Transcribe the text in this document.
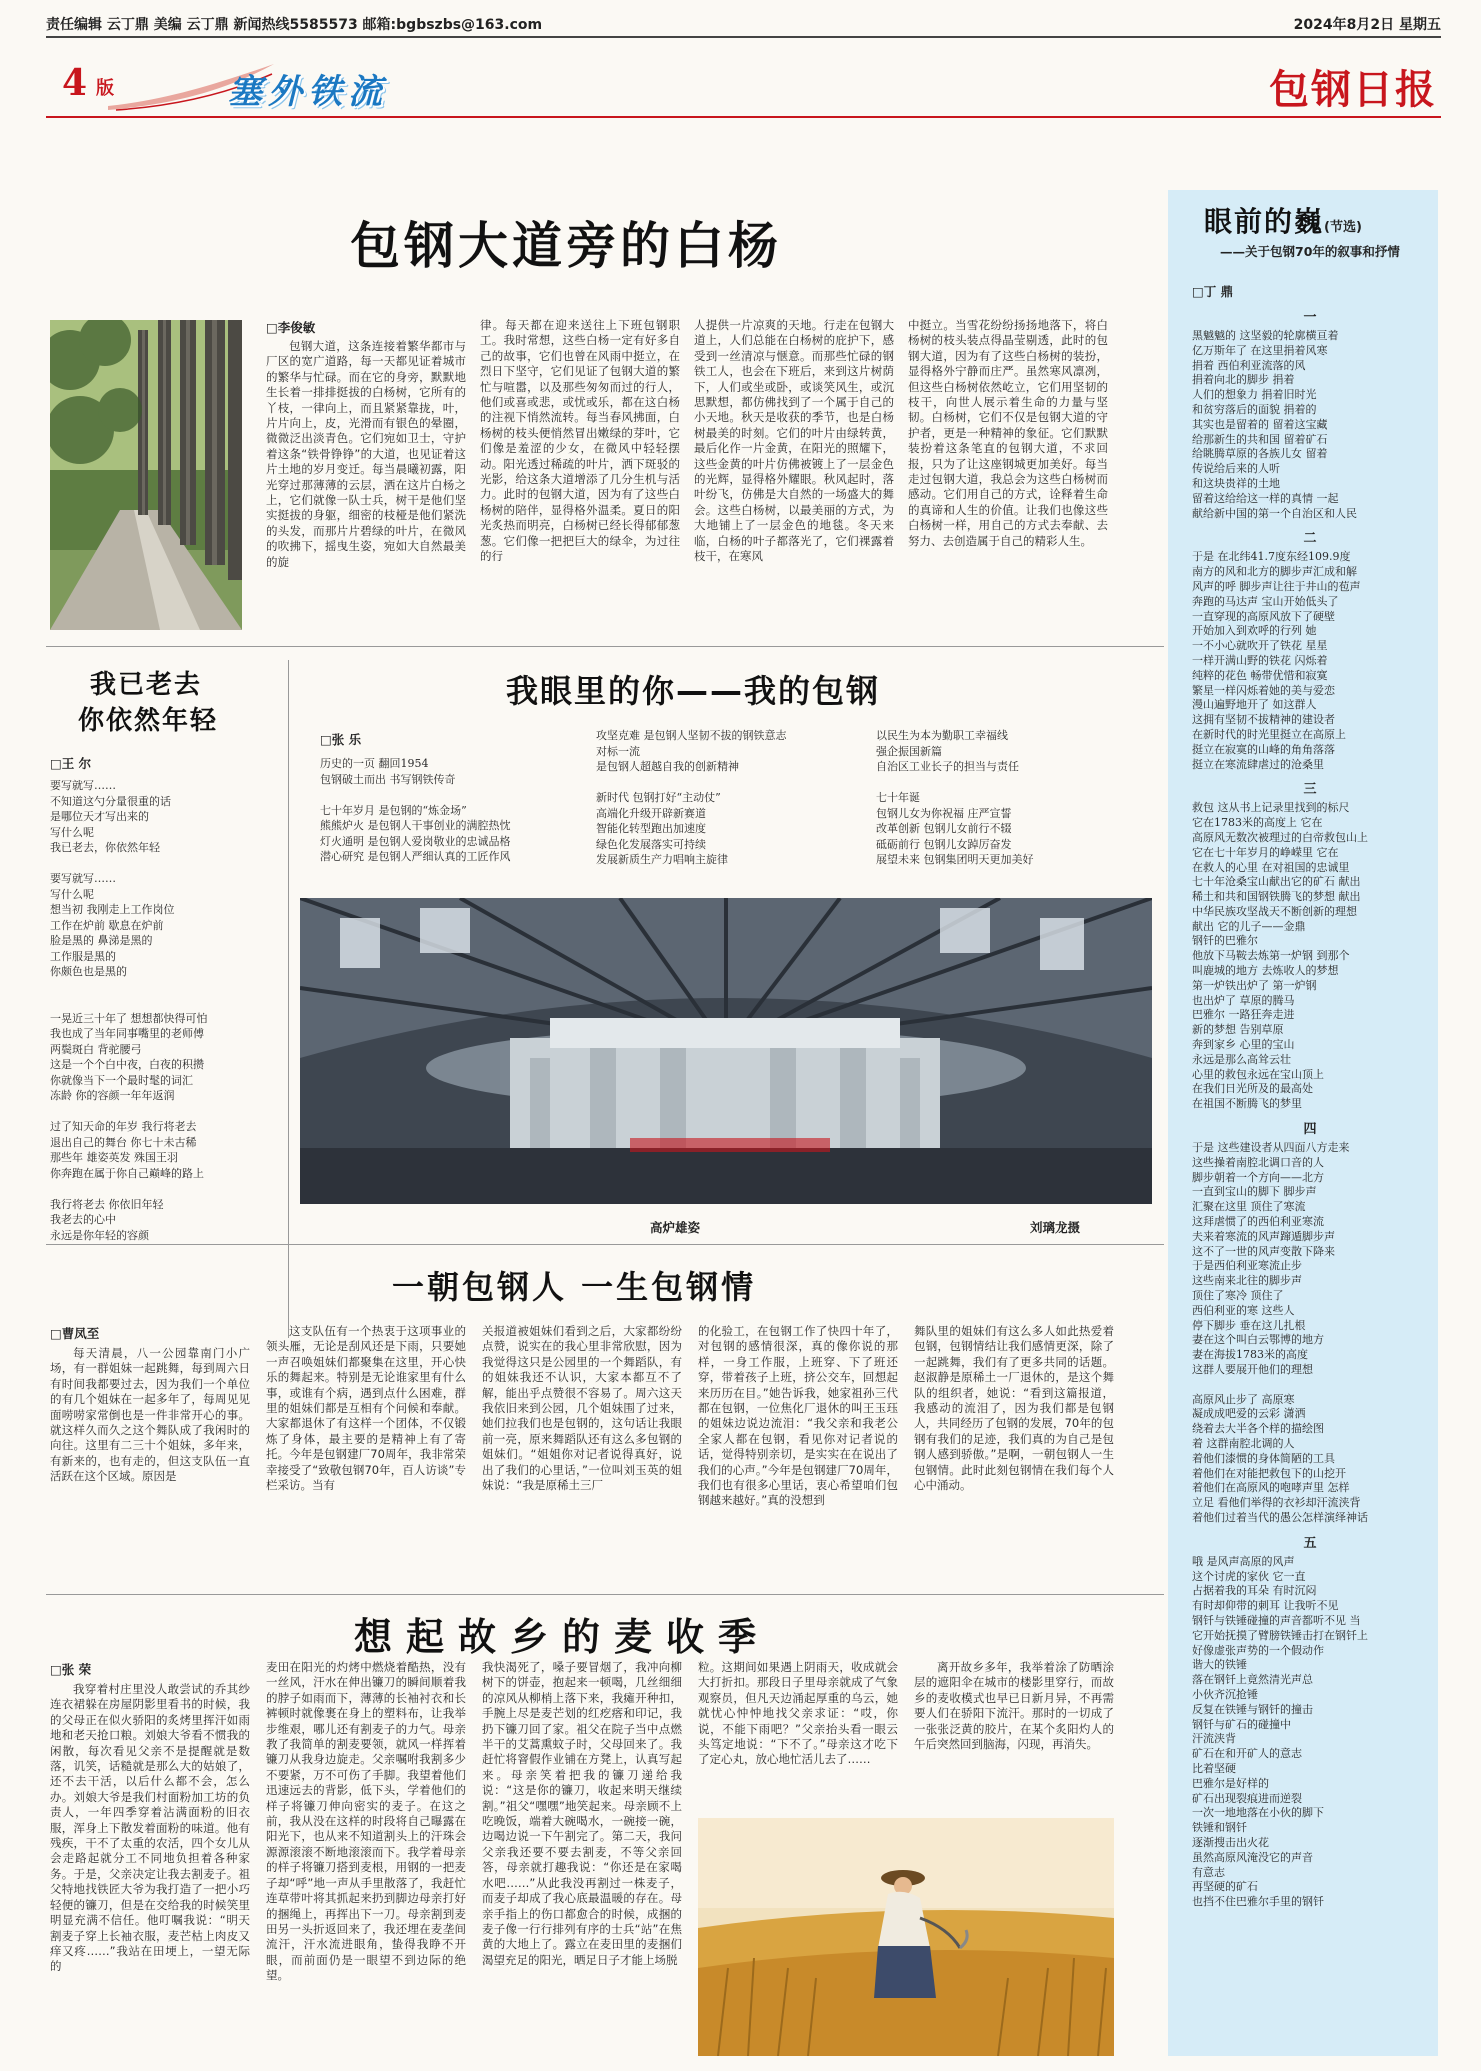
责任编辑 云丁鼎 美编 云丁鼎 新闻热线5585573 邮箱:bgbszbs@163.com	2024年8月2日 星期五
4 版	塞外铁流	包钢日报
包钢大道旁的白杨
□李俊敏
包钢大道，这条连接着繁华都市与厂区的宽广道路，每一天都见证着城市的繁华与忙碌。而在它的身旁，默默地生长着一排排挺拔的白杨树，它所有的丫枝，一律向上，而且紧紧靠拢，叶，片片向上，皮，光滑而有银色的晕圈，微微泛出淡青色。它们宛如卫士，守护着这条“铁骨铮铮”的大道，也见证着这片土地的岁月变迁。每当晨曦初露，阳光穿过那薄薄的云层，洒在这片白杨之上，它们就像一队士兵，树干是他们坚实挺拔的身躯，细密的枝桠是他们紧洗的头发，而那片片碧绿的叶片，在微风的吹拂下，摇曳生姿，宛如大自然最美的旋
律。每天都在迎来送往上下班包钢职工。我时常想，这些白杨一定有好多自己的故事，它们也曾在风雨中挺立，在烈日下坚守，它们见证了包钢大道的繁忙与喧嚣，以及那些匆匆而过的行人，他们或喜或悲，或忧或乐，都在这白杨的注视下悄然流转。每当春风拂面，白杨树的枝头便悄然冒出嫩绿的芽叶，它们像是羞涩的少女，在微风中轻轻摆动。阳光透过稀疏的叶片，洒下斑驳的光影，给这条大道增添了几分生机与活力。此时的包钢大道，因为有了这些白杨树的陪伴，显得格外温柔。夏日的阳光炙热而明亮，白杨树已经长得郁郁葱葱。它们像一把把巨大的绿伞，为过往的行
人提供一片凉爽的天地。行走在包钢大道上，人们总能在白杨树的庇护下，感受到一丝清凉与惬意。而那些忙碌的钢铁工人，也会在下班后，来到这片树荫下，人们或坐或卧，或谈笑风生，或沉思默想，都仿佛找到了一个属于自己的小天地。秋天是收获的季节，也是白杨树最美的时刻。它们的叶片由绿转黄，最后化作一片金黄，在阳光的照耀下，这些金黄的叶片仿佛被镀上了一层金色的光辉，显得格外耀眼。秋风起时，落叶纷飞，仿佛是大自然的一场盛大的舞会。这些白杨树，以最美丽的方式，为大地铺上了一层金色的地毯。冬天来临，白杨的叶子都落光了，它们裸露着枝干，在寒风
中挺立。当雪花纷纷扬扬地落下，将白杨树的枝头装点得晶莹剔透，此时的包钢大道，因为有了这些白杨树的装扮，显得格外宁静而庄严。虽然寒风凛冽，但这些白杨树依然屹立，它们用坚韧的枝干，向世人展示着生命的力量与坚韧。白杨树，它们不仅是包钢大道的守护者，更是一种精神的象征。它们默默装扮着这条笔直的包钢大道，不求回报，只为了让这座钢城更加美好。每当走过包钢大道，我总会为这些白杨树而感动。它们用自己的方式，诠释着生命的真谛和人生的价值。让我们也像这些白杨树一样，用自己的方式去奉献、去努力、去创造属于自己的精彩人生。
我已老去
你依然年轻
□王 尔
要写就写……
不知道这勺分量很重的话
是哪位天才写出来的
写什么呢
我已老去，你依然年轻

要写就写……
写什么呢
想当初 我刚走上工作岗位
工作在炉前 歇息在炉前
脸是黑的 鼻涕是黑的
工作服是黑的
你颇色也是黑的

一晃近三十年了 想想都快得可怕
我也成了当年同事嘴里的老师傅
两鬓斑白 背驼腰弓
这是一个个白中夜，白夜的积攒
你就像当下一个最时髦的词汇
冻龄 你的容颜一年年返润

过了知天命的年岁 我行将老去
退出自己的舞台 你七十未古稀
那些年 雄姿英发 殊国王羽
你奔跑在属于你自己巅峰的路上

我行将老去 你依旧年轻
我老去的心中
永远是你年轻的容颜
我眼里的你——我的包钢
□张 乐
历史的一页 翻回1954
包钢破土而出 书写钢铁传奇

七十年岁月 是包钢的“炼金场”
熊熊炉火 是包钢人干事创业的满腔热忱
灯火通明 是包钢人爱岗敬业的忠诚品格
潜心研究 是包钢人严细认真的工匠作风
攻坚克难 是包钢人坚韧不拔的钢铁意志
对标一流
是包钢人超越自我的创新精神

新时代 包钢打好“主动仗”
高端化升级开辟新赛道
智能化转型跑出加速度
绿色化发展落实可持续
发展新质生产力唱响主旋律
以民生为本为勤职工幸福线
强企振国新篇
自治区工业长子的担当与责任

七十年诞
包钢儿女为你祝福 庄严宣誓
改革创新 包钢儿女前行不辍
砥砺前行 包钢儿女踔厉奋发
展望未来 包钢集团明天更加美好
高炉雄姿	刘璃龙摄
一朝包钢人 一生包钢情
□曹凤至
每天清晨，八一公园靠南门小广场，有一群姐妹一起跳舞，每到周六日有时间我都要过去，因为我们一个单位的有几个姐妹在一起多年了，每周见见面唠唠家常倒也是一件非常开心的事。就这样久而久之这个舞队成了我闲时的向往。这里有二三十个姐妹，多年来，有新来的，也有走的，但这支队伍一直活跃在这个区域。原因是
这支队伍有一个热衷于这项事业的领头雁，无论是刮风还是下雨，只要她一声召唤姐妹们都聚集在这里，开心快乐的舞起来。特别是无论谁家里有什么事，或谁有个病，遇到点什么困难，群里的姐妹们都是互相有个问候和奉献。大家都退休了有这样一个团体，不仅锻炼了身体，最主要的是精神上有了寄托。今年是包钢建厂70周年，我非常荣幸接受了“致敬包钢70年，百人访谈”专栏采访。当有
关报道被姐妹们看到之后，大家都纷纷点赞，说实在的我心里非常欣慰，因为我觉得这只是公园里的一个舞蹈队，有的姐妹我还不认识，大家本都互不了解，能出乎点赞很不容易了。周六这天我依旧来到公园，几个姐妹围了过来，她们拉我们也是包钢的，这句话让我眼前一亮，原来舞蹈队还有这么多包钢的姐妹们。“姐姐你对记者说得真好，说出了我们的心里话，”一位叫刘玉英的姐妹说：“我是原稀土三厂
的化验工，在包钢工作了快四十年了，对包钢的感情很深，真的像你说的那样，一身工作服，上班穿、下了班还穿，带着孩子上班，挤公交车，回想起来历历在目。”她告诉我，她家祖孙三代都在包钢，一位焦化厂退休的叫王玉珏的姐妹边说边流泪：“我父亲和我老公全家人都在包钢，看见你对记者说的话，觉得特别亲切，是实实在在说出了我们的心声。”今年是包钢建厂70周年，我们也有很多心里话，衷心希望咱们包钢越来越好。”真的没想到
舞队里的姐妹们有这么多人如此热爱着包钢，包钢情结让我们感情更深，除了一起跳舞，我们有了更多共同的话题。赵淑静是原稀土一厂退休的，是这个舞队的组织者，她说：“看到这篇报道，我感动的流泪了，因为我们都是包钢人，共同经历了包钢的发展，70年的包钢有我们的足迹，我们真的为自己是包钢人感到骄傲。”是啊，一朝包钢人一生包钢情。此时此刻包钢情在我们每个人心中涌动。
想起故乡的麦收季
□张 荣
我穿着村庄里没人敢尝试的乔其纱连衣裙躲在房屋阴影里看书的时候，我的父母正在似火骄阳的炙烤里挥汗如雨地和老天抢口粮。刘娘大爷看不惯我的闲散，每次看见父亲不是提醒就是数落，讥笑，话糙就是那么大的姑娘了，还不去干活，以后什么都不会，怎么办。刘娘大爷是我们村面粉加工坊的负责人，一年四季穿着沾满面粉的旧衣服，浑身上下散发着面粉的味道。他有残疾，干不了太重的农活，四个女儿从会走路起就分工不同地负担着各种家务。于是，父亲决定让我去割麦子。祖父特地找铁匠大爷为我打造了一把小巧轻便的镰刀，但是在交给我的时候笑里明显充满不信任。他叮嘱我说：“明天割麦子穿上长袖衣服，麦芒枯上肉皮又痒又疼……”我站在田埂上，一望无际的
麦田在阳光的灼烤中燃烧着酷热，没有一丝风，汗水在伸出镰刀的瞬间顺着我的脖子如雨而下，薄薄的长袖衬衣和长裤顿时就像裹在身上的塑料布，让我举步维艰，哪儿还有割麦子的力气。母亲教了我简单的割麦要领，就风一样挥着镰刀从我身边旋走。父亲嘱咐我割多少不要紧，万不可伤了手脚。我望着他们迅速远去的背影，低下头，学着他们的样子将镰刀伸向密实的麦子。在这之前，我从没在这样的时段将自己曝露在阳光下，也从来不知道割头上的汗珠会源源滚滚不断地滚滚而下。我学着母亲的样子将镰刀搭到麦根，用钢的一把麦子却“呼”地一声从手里散落了，我赶忙连草带叶将其抓起来扔到脚边母亲打好的捆绳上，再挥出下一刀。母亲割到麦田另一头折返回来了，我还埋在麦垄间流汗，汗水流进眼角，蛰得我睁不开眼，而前面仍是一眼望不到边际的绝望。
我快渴死了，嗓子要冒烟了，我冲向柳树下的饼壶，抱起来一顿喝，几丝细细的凉风从柳梢上落下来，我瘫开种扣，手腕上尽是麦芒划的红疙瘩和印记，我扔下镰刀回了家。祖父在院子当中点燃半干的艾蒿熏蚊子时，父母回来了。我赶忙将窨假作业铺在方凳上，认真写起来。母亲笑着把我的镰刀递给我说：“这是你的镰刀，收起来明天继续割。”祖父“嘿嘿”地笑起来。母亲顾不上吃晚饭，端着大碗喝水，一碗接一碗，边喝边说一下午割完了。第二天，我问父亲我还要不要去割麦，不等父亲回答，母亲就打趣我说：“你还是在家喝水吧……”从此我没再割过一株麦子，而麦子却成了我心底最温暖的存在。母亲手指上的伤口都愈合的时候，成捆的麦子像一行行排列有序的士兵“站”在焦黄的大地上了。露立在麦田里的麦捆们渴望充足的阳光，晒足日子才能上场脱
粒。这期间如果遇上阴雨天，收成就会大打折扣。那段日子里母亲就成了气象观察员，但凡天边涌起厚重的乌云，她就忧心忡忡地找父亲求证：“哎，你说，不能下雨吧？”父亲抬头看一眼云头笃定地说：“下不了。”母亲这才吃下了定心丸，放心地忙活儿去了……
离开故乡多年，我举着涂了防晒涂层的遮阳伞在城市的楼影里穿行，而故乡的麦收模式也早已日新月异，不再需要人们在骄阳下流汗。那时的一切成了一张张泛黄的胶片，在某个炙阳灼人的午后突然回到脑海，闪现，再消失。
眼前的巍(节选)
——关于包钢70年的叙事和抒情
□丁 鼎
一
黑魆魆的 这坚毅的轮廓横亘着
亿万斯年了 在这里捐着风寒
捐着 西伯利亚流落的风
捐着向北的脚步 捐着
人们的想象力 捐着旧时光
和贫穷落后的面貌 捐着的
其实也是留着的 留着这宝藏
给那新生的共和国 留着矿石
给眺腾草原的各族儿女 留着
传说给后来的人听
和这块贵祥的土地
留着这给给这一样的真情 一起
献给新中国的第一个自治区和人民
二
于是 在北纬41.7度东经109.9度
南方的风和北方的脚步声汇成和解
风声的呼 脚步声让往于井山的苞声
奔跑的马达声 宝山开始低头了
一直穿现的高原风放下了硬壁
开始加入到欢呼的行列 她
一不小心就吹开了铁花 星星
一样开满山野的铁花 闪烁着
纯粹的花色 畅带优惜和寂寞
繁星一样闪烁着她的美与爱恋
漫山遍野地开了 如这群人
这拥有坚韧不拔精神的建设者
在新时代的时光里挺立在高原上
挺立在寂寞的山峰的角角落落
挺立在寒流肆虐过的沧桑里
三
救包 这从书上记录里找到的标尺
它在1783米的高度上 它在
高原风无数次被理过的白帝救包山上
它在七十年岁月的峥嵘里 它在
在救人的心里 在对祖国的忠诚里
七十年沧桑宝山献出它的矿石 献出
稀土和共和国钢铁腾飞的梦想 献出
中华民族攻坚战天不断创新的理想
献出 它的儿子——金鼎
钢钎的巴雅尔
他放下马鞍去炼第一炉钢 到那个
叫鹿城的地方 去炼收人的梦想
第一炉铁出炉了 第一炉钢
也出炉了 草原的腾马
巴雅尔 一路狂奔走进
新的梦想 告别草原
奔到家乡 心里的宝山
永远是那么高耸云壮
心里的救包永远在宝山顶上
在我们日光所及的最高处
在祖国不断腾飞的梦里
四
于是 这些建设者从四面八方走来
这些操着南腔北调口音的人
脚步朝着一个方向——北方
一直到宝山的脚下 脚步声
汇聚在这里 顶住了寒流
这拜虐惯了的西伯利亚寒流
夫来着寒流的风声蹿遁脚步声
这不了一世的风声变散下降来
于是西伯利亚寒流止步
这些南来北往的脚步声
顶住了寒冷 顶住了
西伯利亚的寒 这些人
停下脚步 垂在这儿扎根
妻在这个叫白云鄂博的地方
妻在海拔1783米的高度
这群人要展开他们的理想
高原风止步了 高原寒
凝成成吧爱的云彩 潇洒
绕着去大半各个样的描绘图
着 这群南腔北调的人
着他们漆惯的身体简陋的工具
着他们在对能把救包下的山挖开
着他们在高原风的咆哮声里 怎样
立足 看他们举得的衣衫却汗流浃背
着他们过着当代的愚公怎样演绎神话
五
哦 是风声高原的风声
这个讨虎的家伙 它一直
占据着我的耳朵 有时沉闷
有时却仰带的刺耳 让我听不见
钢钎与铁锤碰撞的声音都听不见 当
它开始抚摸了臂膀铁锤击打在钢钎上
好像虚张声势的一个假动作
谐大的铁锤
落在钢钎上竟然清光声总
小伙齐沉抢锤
反复在铁锤与钢钎的撞击
钢钎与矿石的碰撞中
汗流浃背
矿石在和开矿人的意志
比着坚硬
巴雅尔是好样的
矿石出现裂痕进而逆裂
一次一地地落在小伙的脚下
铁锤和钢钎
逐渐搜击出火花
虽然高原风淹没它的声音
有意志
再坚硬的矿石
也挡不住巴雅尔手里的钢钎
